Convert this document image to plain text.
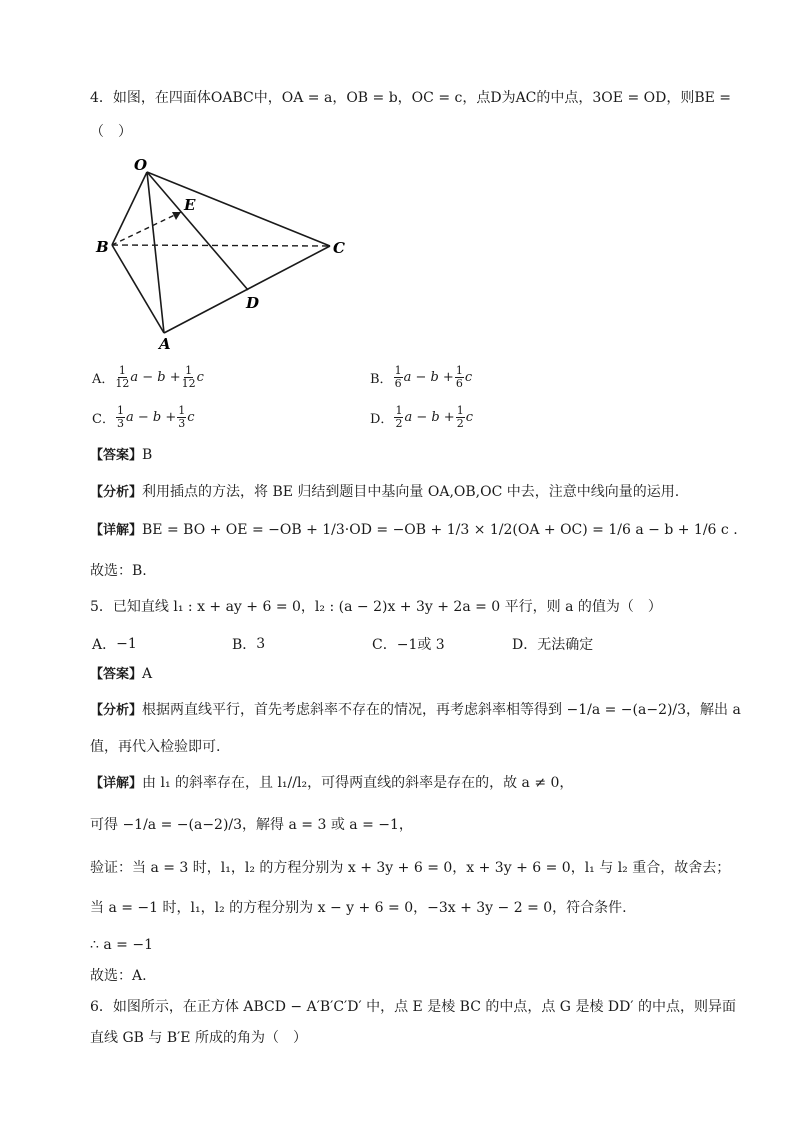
4．如图，在四面体OABC中，OA = a，OB = b，OC = c，点D为AC的中点，3OE = OD，则BE =
（　）
O
E
B	C
D
A
A． $\frac{1}{12}$ $a - b + \frac{1}{12}$ c	B． $\frac{1}{6}$ $a - b + \frac{1}{6}$ c
C． $\frac{1}{3}$ $a - b + \frac{1}{3}$ c	D． $\frac{1}{2}$ $a - b + \frac{1}{2}$ c
【答案】B
【分析】利用插点的方法，将 BE 归结到题目中基向量 OA,OB,OC 中去，注意中线向量的运用.
【详解】BE = BO + OE = −OB + 1/3·OD = −OB + 1/3 × 1/2(OA + OC) = 1/6 a − b + 1/6 c .
故选：B.
5．已知直线 l₁ : x + ay + 6 = 0，l₂ : (a − 2)x + 3y + 2a = 0 平行，则 a 的值为（　）
A． −1	B． 3	C． −1或 3	D． 无法确定
【答案】A
【分析】根据两直线平行，首先考虑斜率不存在的情况，再考虑斜率相等得到 −1/a = −(a−2)/3，解出 a
值，再代入检验即可.
【详解】由 l₁ 的斜率存在，且 l₁//l₂，可得两直线的斜率是存在的，故 a ≠ 0，
可得 −1/a = −(a−2)/3，解得 a = 3 或 a = −1，
验证：当 a = 3 时，l₁，l₂ 的方程分别为 x + 3y + 6 = 0，x + 3y + 6 = 0，l₁ 与 l₂ 重合，故舍去；
当 a = −1 时，l₁，l₂ 的方程分别为 x − y + 6 = 0，−3x + 3y − 2 = 0，符合条件.
∴ a = −1
故选：A.
6．如图所示，在正方体 ABCD − A′B′C′D′ 中，点 E 是棱 BC 的中点，点 G 是棱 DD′ 的中点，则异面
直线 GB 与 B′E 所成的角为（　）
